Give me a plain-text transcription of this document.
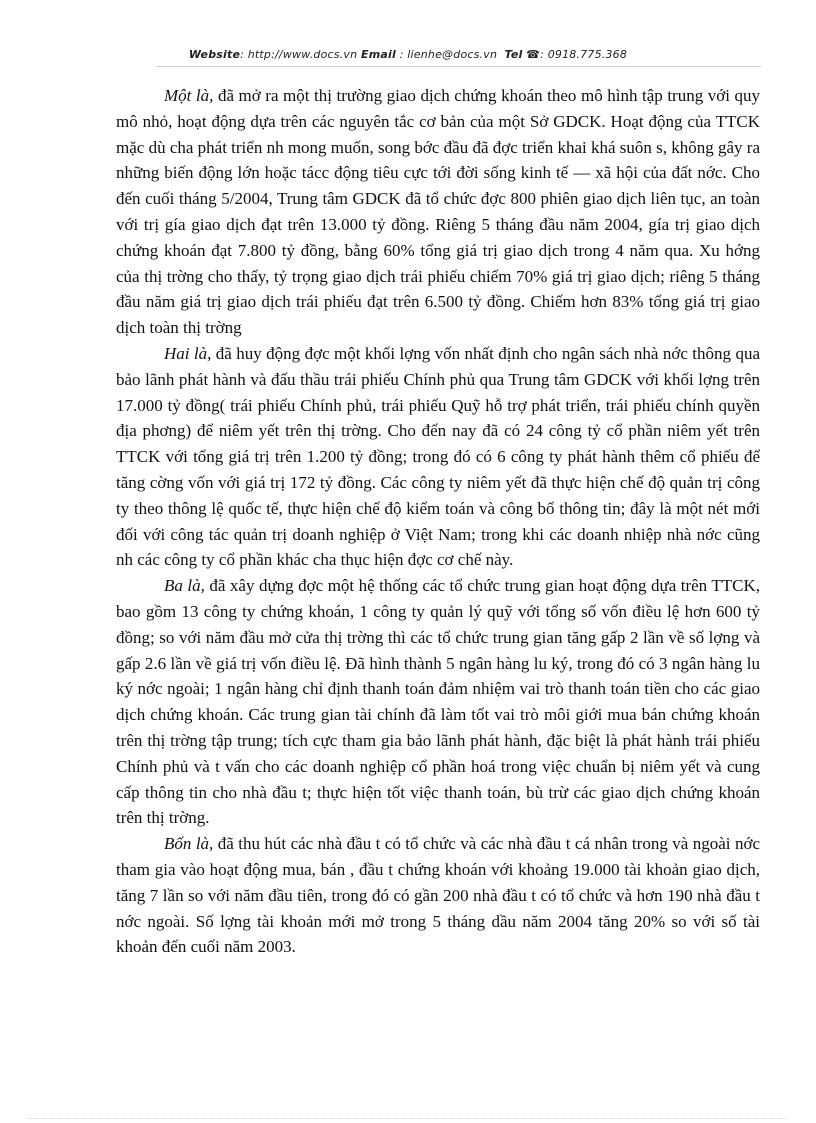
Website: http://www.docs.vn Email : lienhe@docs.vn Tel ☎: 0918.775.368

Một là, đã mở ra một thị trường giao dịch chứng khoán theo mô hình tập trung với quy mô nhỏ, hoạt động dựa trên các nguyên tắc cơ bản của một Sở GDCK. Hoạt động của TTCK mặc dù cha phát triển nh mong muốn, song bớc đầu đã đợc triển khai khá suôn s, không gây ra những biến động lớn hoặc tácc động tiêu cực tới đời sống kinh tế — xã hội của đất nớc. Cho đến cuối tháng 5/2004, Trung tâm GDCK đã tổ chức đợc 800 phiên giao dịch liên tục, an toàn với trị gía giao dịch đạt trên 13.000 tỷ đồng. Riêng 5 tháng đầu năm 2004, gía trị giao dịch chứng khoán đạt 7.800 tỷ đồng, bằng 60% tổng giá trị giao dịch trong 4 năm qua. Xu hớng của thị trờng cho thấy, tỷ trọng giao dịch trái phiếu chiếm 70% giá trị giao dịch; riêng 5 tháng đầu năm giá trị giao dịch trái phiếu đạt trên 6.500 tỷ đồng. Chiếm hơn 83% tổng giá trị giao dịch toàn thị trờng

Hai là, đã huy động đợc một khối lợng vốn nhất định cho ngân sách nhà nớc thông qua bảo lãnh phát hành và đấu thầu trái phiếu Chính phủ qua Trung tâm GDCK với khối lợng trên 17.000 tỷ đồng( trái phiếu Chính phủ, trái phiếu Quỹ hỗ trợ phát triển, trái phiếu chính quyền địa phơng) để niêm yết trên thị trờng. Cho đến nay đã có 24 công tỷ cổ phần niêm yết trên TTCK với tổng giá trị trên 1.200 tỷ đồng; trong đó có 6 công ty phát hành thêm cổ phiếu để tăng cờng vốn với giá trị 172 tỷ đồng. Các công ty niêm yết đã thực hiện chế độ quản trị công ty theo thông lệ quốc tế, thực hiện chế độ kiểm toán và công bố thông tin; đây là một nét mới đối với công tác quản trị doanh nghiệp ở Việt Nam; trong khi các doanh nhiệp nhà nớc cũng nh các công ty cổ phần khác cha thục hiện đợc cơ chế này.

Ba là, đã xây dựng đợc một hệ thống các tổ chức trung gian hoạt động dựa trên TTCK, bao gồm 13 công ty chứng khoán, 1 công ty quản lý quỹ với tổng số vốn điều lệ hơn 600 tỷ đồng; so với năm đầu mở cửa thị trờng thì các tổ chức trung gian tăng gấp 2 lần về số lợng và gấp 2.6 lần về giá trị vốn điều lệ. Đã hình thành 5 ngân hàng lu ký, trong đó có 3 ngân hàng lu ký nớc ngoài; 1 ngân hàng chỉ định thanh toán đảm nhiệm vai trò thanh toán tiền cho các giao dịch chứng khoán. Các trung gian tài chính đã làm tốt vai trò môi giới mua bán chứng khoán trên thị trờng tập trung; tích cực tham gia bảo lãnh phát hành, đặc biệt là phát hành trái phiếu Chính phủ và t vấn cho các doanh nghiệp cổ phần hoá trong việc chuẩn bị niêm yết và cung cấp thông tin cho nhà đầu t; thực hiện tốt việc thanh toán, bù trừ các giao dịch chứng khoán trên thị trờng.

Bốn là, đã thu hút các nhà đầu t có tổ chức và các nhà đầu t cá nhân trong và ngoài nớc tham gia vào hoạt động mua, bán , đầu t chứng khoán với khoảng 19.000 tài khoản giao dịch, tăng 7 lần so với năm đầu tiên, trong đó có gần 200 nhà đầu t có tổ chức và hơn 190 nhà đầu t nớc ngoài. Số lợng tài khoản mới mở trong 5 tháng dầu năm 2004 tăng 20% so với số tài khoản đến cuối năm 2003.
